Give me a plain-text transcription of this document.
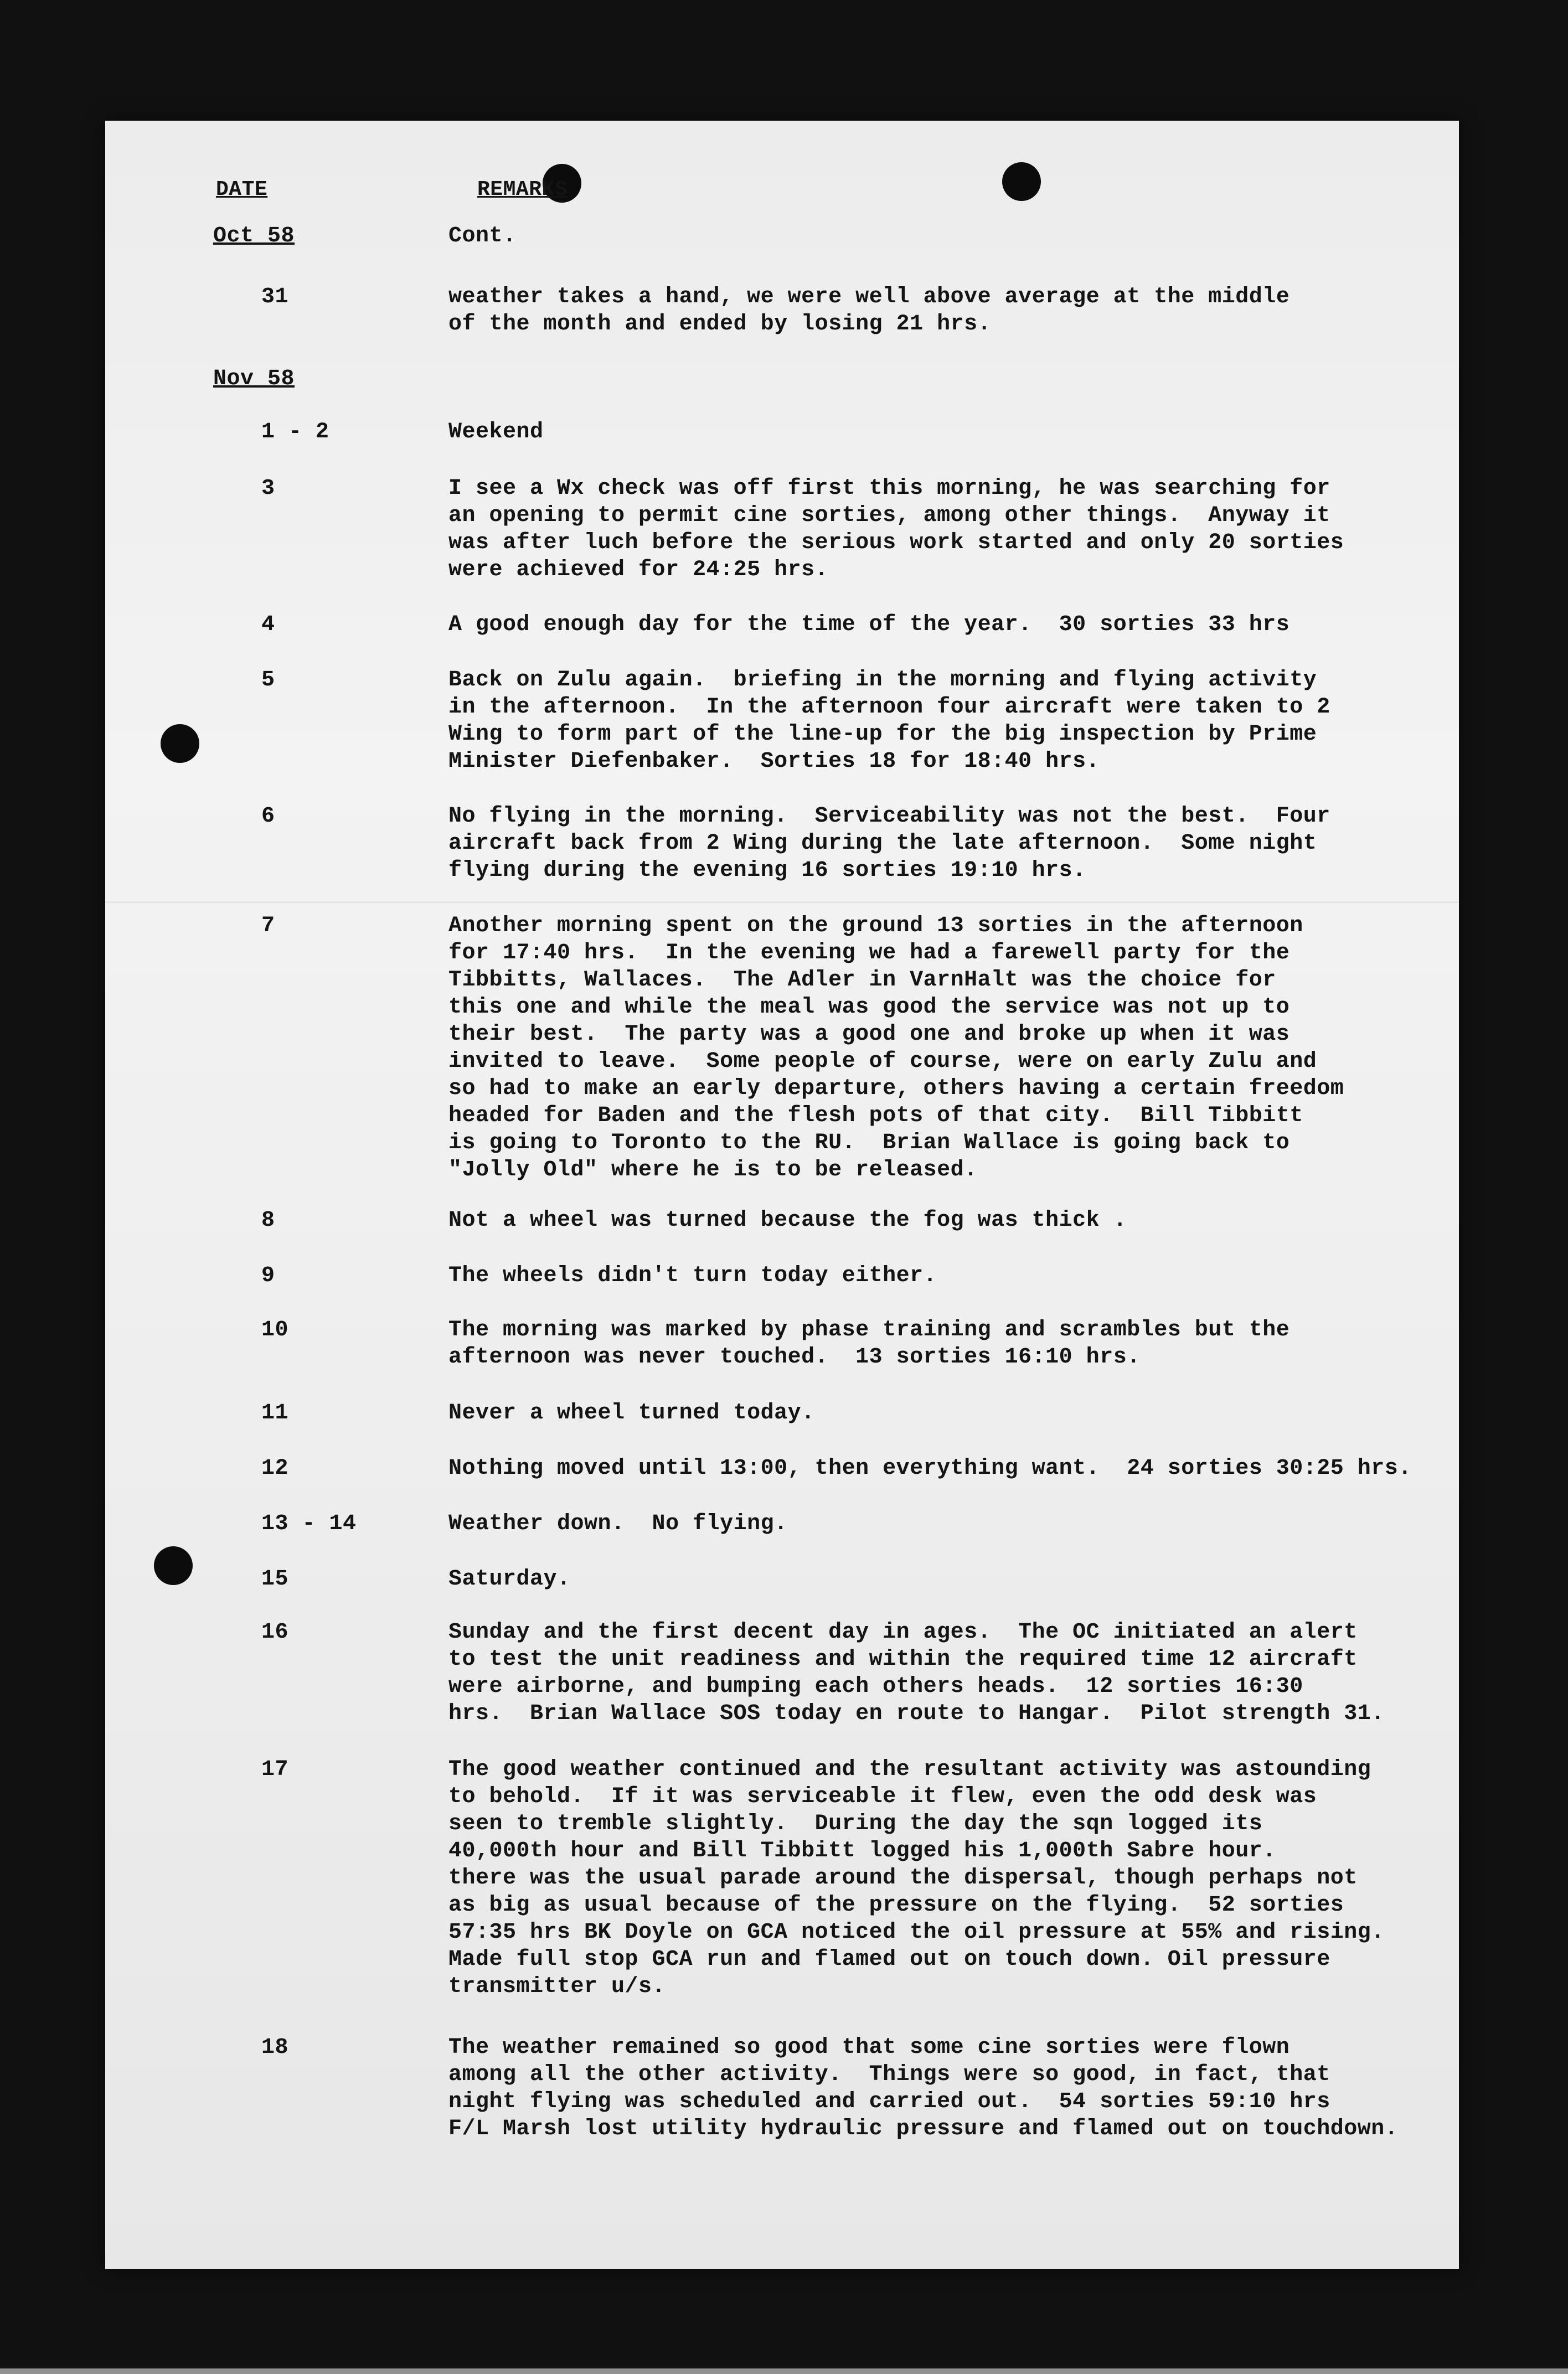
DATE	REMARKS
Oct 58	Cont.
31	weather takes a hand, we were well above average at the middle
of the month and ended by losing 21 hrs.
Nov 58
1 - 2	Weekend
3	I see a Wx check was off first this morning, he was searching for
an opening to permit cine sorties, among other things.  Anyway it
was after luch before the serious work started and only 20 sorties
were achieved for 24:25 hrs.
4	A good enough day for the time of the year.  30 sorties 33 hrs
5	Back on Zulu again.  briefing in the morning and flying activity
in the afternoon.  In the afternoon four aircraft were taken to 2
Wing to form part of the line-up for the big inspection by Prime
Minister Diefenbaker.  Sorties 18 for 18:40 hrs.
6	No flying in the morning.  Serviceability was not the best.  Four
aircraft back from 2 Wing during the late afternoon.  Some night
flying during the evening 16 sorties 19:10 hrs.
7	Another morning spent on the ground 13 sorties in the afternoon
for 17:40 hrs.  In the evening we had a farewell party for the
Tibbitts, Wallaces.  The Adler in VarnHalt was the choice for
this one and while the meal was good the service was not up to
their best.  The party was a good one and broke up when it was
invited to leave.  Some people of course, were on early Zulu and
so had to make an early departure, others having a certain freedom
headed for Baden and the flesh pots of that city.  Bill Tibbitt
is going to Toronto to the RU.  Brian Wallace is going back to
"Jolly Old" where he is to be released.
8	Not a wheel was turned because the fog was thick .
9	The wheels didn't turn today either.
10	The morning was marked by phase training and scrambles but the
afternoon was never touched.  13 sorties 16:10 hrs.
11	Never a wheel turned today.
12	Nothing moved until 13:00, then everything want.  24 sorties 30:25 hrs.
13 - 14	Weather down.  No flying.
15	Saturday.
16	Sunday and the first decent day in ages.  The OC initiated an alert
to test the unit readiness and within the required time 12 aircraft
were airborne, and bumping each others heads.  12 sorties 16:30
hrs.  Brian Wallace SOS today en route to Hangar.  Pilot strength 31.
17	The good weather continued and the resultant activity was astounding
to behold.  If it was serviceable it flew, even the odd desk was
seen to tremble slightly.  During the day the sqn logged its
40,000th hour and Bill Tibbitt logged his 1,000th Sabre hour.
there was the usual parade around the dispersal, though perhaps not
as big as usual because of the pressure on the flying.  52 sorties
57:35 hrs BK Doyle on GCA noticed the oil pressure at 55% and rising.
Made full stop GCA run and flamed out on touch down. Oil pressure
transmitter u/s.
18	The weather remained so good that some cine sorties were flown
among all the other activity.  Things were so good, in fact, that
night flying was scheduled and carried out.  54 sorties 59:10 hrs
F/L Marsh lost utility hydraulic pressure and flamed out on touchdown.
